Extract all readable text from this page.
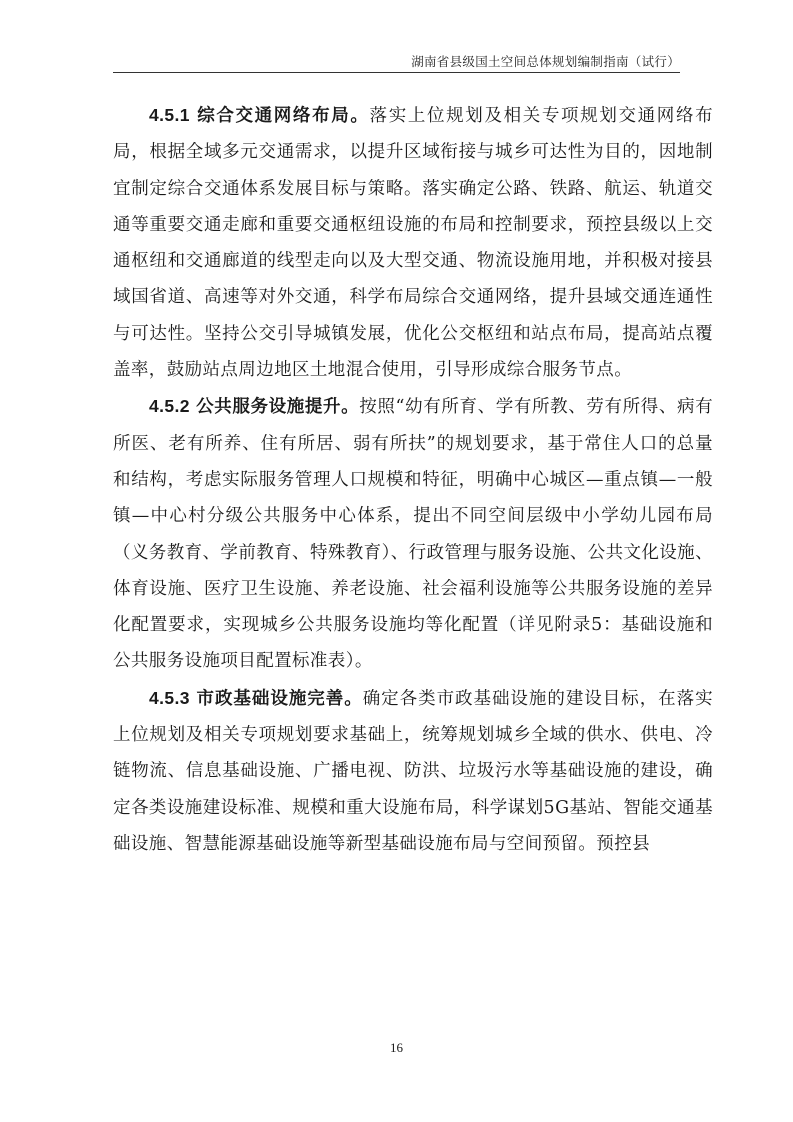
湖南省县级国土空间总体规划编制指南（试行）

4.5.1 综合交通网络布局。落实上位规划及相关专项规划交通网络布局，根据全域多元交通需求，以提升区域衔接与城乡可达性为目的，因地制宜制定综合交通体系发展目标与策略。落实确定公路、铁路、航运、轨道交通等重要交通走廊和重要交通枢纽设施的布局和控制要求，预控县级以上交通枢纽和交通廊道的线型走向以及大型交通、物流设施用地，并积极对接县域国省道、高速等对外交通，科学布局综合交通网络，提升县域交通连通性与可达性。坚持公交引导城镇发展，优化公交枢纽和站点布局，提高站点覆盖率，鼓励站点周边地区土地混合使用，引导形成综合服务节点。

4.5.2 公共服务设施提升。按照“幼有所育、学有所教、劳有所得、病有所医、老有所养、住有所居、弱有所扶”的规划要求，基于常住人口的总量和结构，考虑实际服务管理人口规模和特征，明确中心城区—重点镇—一般镇—中心村分级公共服务中心体系，提出不同空间层级中小学幼儿园布局（义务教育、学前教育、特殊教育）、行政管理与服务设施、公共文化设施、体育设施、医疗卫生设施、养老设施、社会福利设施等公共服务设施的差异化配置要求，实现城乡公共服务设施均等化配置（详见附录5：基础设施和公共服务设施项目配置标准表）。

4.5.3 市政基础设施完善。确定各类市政基础设施的建设目标，在落实上位规划及相关专项规划要求基础上，统筹规划城乡全域的供水、供电、冷链物流、信息基础设施、广播电视、防洪、垃圾污水等基础设施的建设，确定各类设施建设标准、规模和重大设施布局，科学谋划5G基站、智能交通基础设施、智慧能源基础设施等新型基础设施布局与空间预留。预控县

16
